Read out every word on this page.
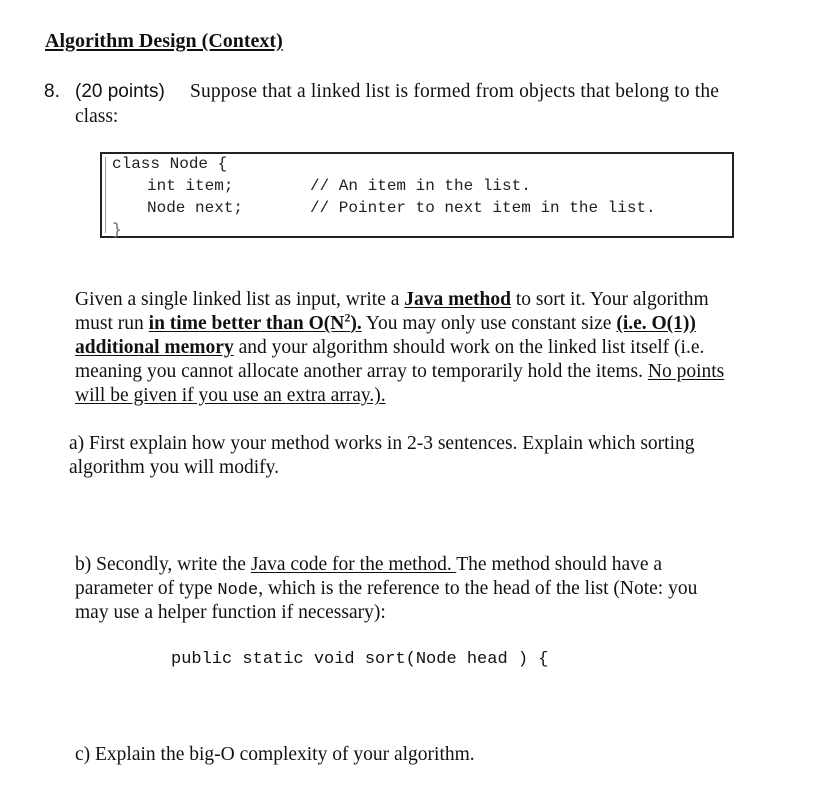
Algorithm Design (Context)
8. (20 points) Suppose that a linked list is formed from objects that belong to the
class:
class Node {
int item;	// An item in the list.
Node next;	// Pointer to next item in the list.
}
Given a single linked list as input, write a Java method to sort it. Your algorithm
must run in time better than $O(N^2)$. You may only use constant size (i.e. O(1))
additional memory and your algorithm should work on the linked list itself (i.e.
meaning you cannot allocate another array to temporarily hold the items. No points
will be given if you use an extra array.).
a) First explain how your method works in 2-3 sentences. Explain which sorting
algorithm you will modify.
b) Secondly, write the Java code for the method. The method should have a
parameter of type Node, which is the reference to the head of the list (Note: you
may use a helper function if necessary):
public static void sort(Node head ) {
c) Explain the big-O complexity of your algorithm.
